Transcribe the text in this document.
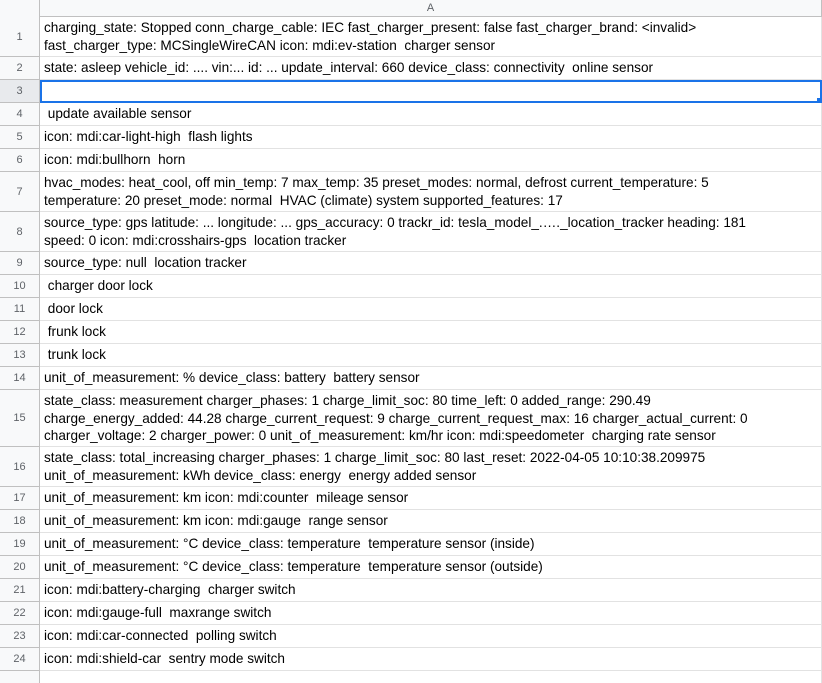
A
1
charging_state: Stopped conn_charge_cable: IEC fast_charger_present: false fast_charger_brand: <invalid>
fast_charger_type: MCSingleWireCAN icon: mdi:ev-station  charger sensor
2	state: asleep vehicle_id: .... vin:... id: ... update_interval: 660 device_class: connectivity  online sensor
3

4	update available sensor
5	icon: mdi:car-light-high  flash lights
6	icon: mdi:bullhorn  horn
7
hvac_modes: heat_cool, off min_temp: 7 max_temp: 35 preset_modes: normal, defrost current_temperature: 5
temperature: 20 preset_mode: normal  HVAC (climate) system supported_features: 17
8
source_type: gps latitude: ... longitude: ... gps_accuracy: 0 trackr_id: tesla_model_.…._location_tracker heading: 181
speed: 0 icon: mdi:crosshairs-gps  location tracker
9	source_type: null  location tracker
10	charger door lock
11	door lock
12	frunk lock
13	trunk lock
14	unit_of_measurement: % device_class: battery  battery sensor
15
state_class: measurement charger_phases: 1 charge_limit_soc: 80 time_left: 0 added_range: 290.49
charge_energy_added: 44.28 charge_current_request: 9 charge_current_request_max: 16 charger_actual_current: 0
charger_voltage: 2 charger_power: 0 unit_of_measurement: km/hr icon: mdi:speedometer  charging rate sensor
16
state_class: total_increasing charger_phases: 1 charge_limit_soc: 80 last_reset: 2022-04-05 10:10:38.209975
unit_of_measurement: kWh device_class: energy  energy added sensor
17	unit_of_measurement: km icon: mdi:counter  mileage sensor
18	unit_of_measurement: km icon: mdi:gauge  range sensor
19	unit_of_measurement: °C device_class: temperature  temperature sensor (inside)
20	unit_of_measurement: °C device_class: temperature  temperature sensor (outside)
21	icon: mdi:battery-charging  charger switch
22	icon: mdi:gauge-full  maxrange switch
23	icon: mdi:car-connected  polling switch
24	icon: mdi:shield-car  sentry mode switch
